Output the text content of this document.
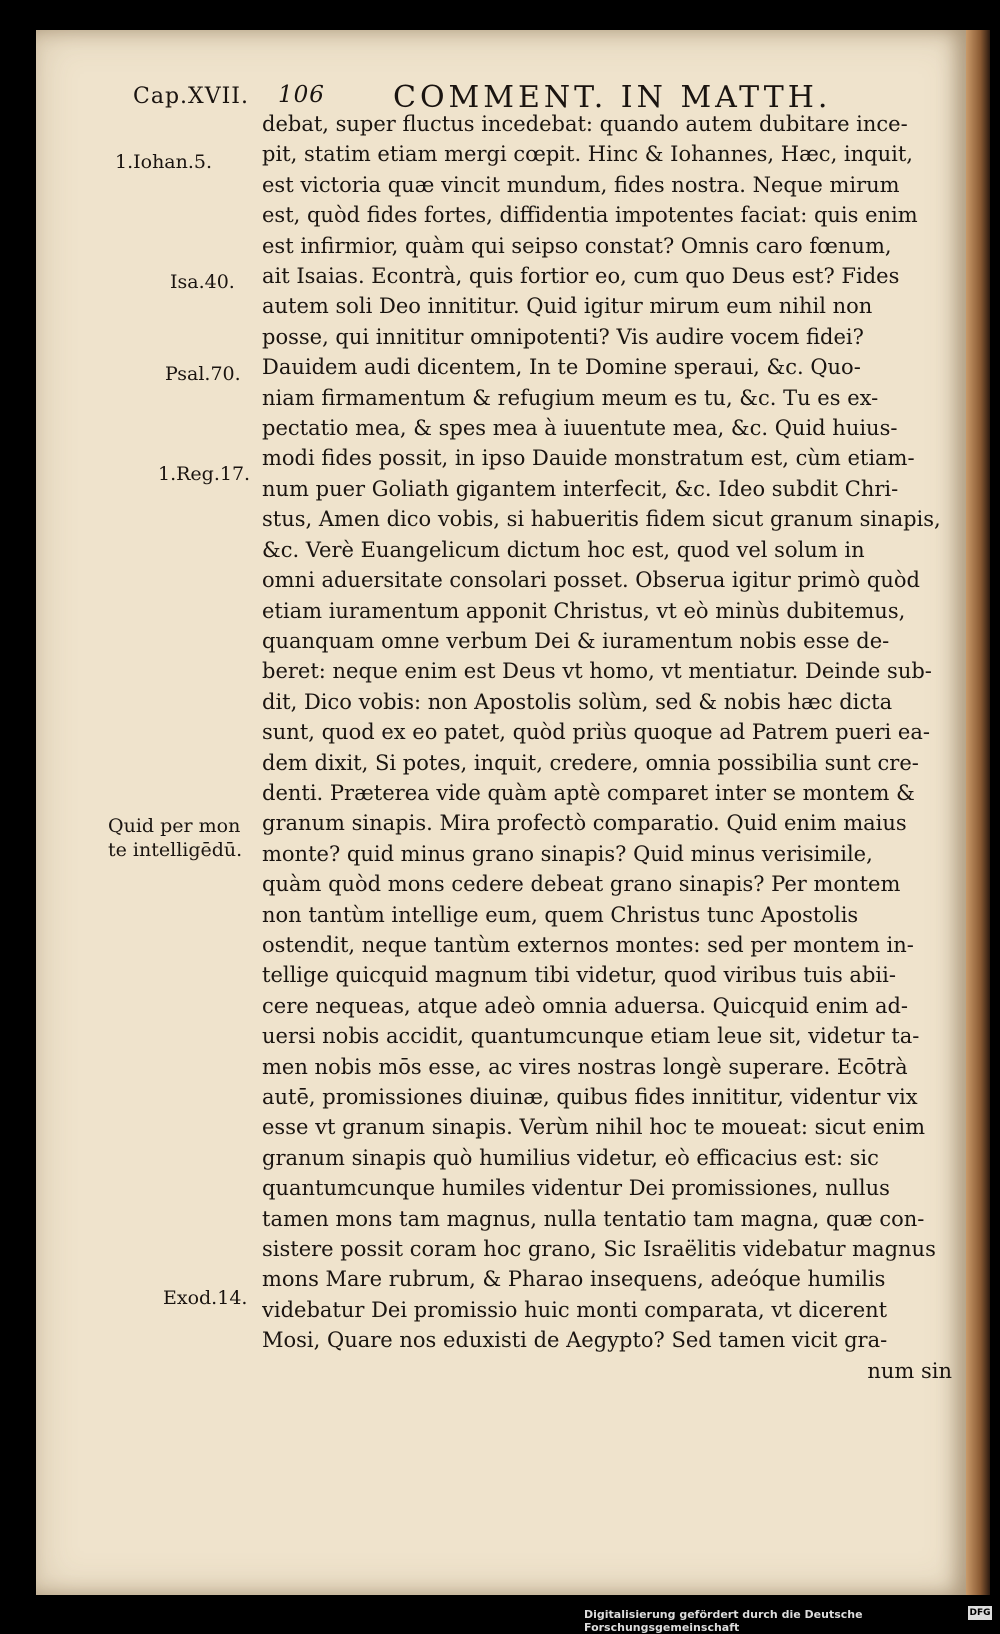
Cap.XVII. 106 COMMENT. IN MATTH.
1.Iohan.5.
Isa.40.
Psal.70.
1.Reg.17.
Quid per mon te intelligēdū.
Exod.14.
debat, super fluctus incedebat: quando autem dubitare ince-
pit, statim etiam mergi cœpit. Hinc & Iohannes, Hæc, inquit,
est victoria quæ vincit mundum, fides nostra. Neque mirum
est, quòd fides fortes, diffidentia impotentes faciat: quis enim
est infirmior, quàm qui seipso constat? Omnis caro fœnum,
ait Isaias. Econtrà, quis fortior eo, cum quo Deus est? Fides
autem soli Deo innititur. Quid igitur mirum eum nihil non
posse, qui innititur omnipotenti? Vis audire vocem fidei?
Dauidem audi dicentem, In te Domine speraui, &c. Quo-
niam firmamentum & refugium meum es tu, &c. Tu es ex-
pectatio mea, & spes mea à iuuentute mea, &c. Quid huius-
modi fides possit, in ipso Dauide monstratum est, cùm etiam-
num puer Goliath gigantem interfecit, &c. Ideo subdit Chri-
stus, Amen dico vobis, si habueritis fidem sicut granum sinapis,
&c. Verè Euangelicum dictum hoc est, quod vel solum in
omni aduersitate consolari posset. Obserua igitur primò quòd
etiam iuramentum apponit Christus, vt eò minùs dubitemus,
quanquam omne verbum Dei & iuramentum nobis esse de-
beret: neque enim est Deus vt homo, vt mentiatur. Deinde sub-
dit, Dico vobis: non Apostolis solùm, sed & nobis hæc dicta
sunt, quod ex eo patet, quòd priùs quoque ad Patrem pueri ea-
dem dixit, Si potes, inquit, credere, omnia possibilia sunt cre-
denti. Præterea vide quàm aptè comparet inter se montem &
granum sinapis. Mira profectò comparatio. Quid enim maius
monte? quid minus grano sinapis? Quid minus verisimile,
quàm quòd mons cedere debeat grano sinapis? Per montem
non tantùm intellige eum, quem Christus tunc Apostolis
ostendit, neque tantùm externos montes: sed per montem in-
tellige quicquid magnum tibi videtur, quod viribus tuis abii-
cere nequeas, atque adeò omnia aduersa. Quicquid enim ad-
uersi nobis accidit, quantumcunque etiam leue sit, videtur ta-
men nobis mōs esse, ac vires nostras longè superare. Ecōtrà
autē, promissiones diuinæ, quibus fides innititur, videntur vix
esse vt granum sinapis. Verùm nihil hoc te moueat: sicut enim
granum sinapis quò humilius videtur, eò efficacius est: sic
quantumcunque humiles videntur Dei promissiones, nullus
tamen mons tam magnus, nulla tentatio tam magna, quæ con-
sistere possit coram hoc grano, Sic Israëlitis videbatur magnus
mons Mare rubrum, & Pharao insequens, adeóque humilis
videbatur Dei promissio huic monti comparata, vt dicerent
Mosi, Quare nos eduxisti de Aegypto? Sed tamen vicit gra-
num sin
Digitalisierung gefördert durch die Deutsche Forschungsgemeinschaft
DFG
